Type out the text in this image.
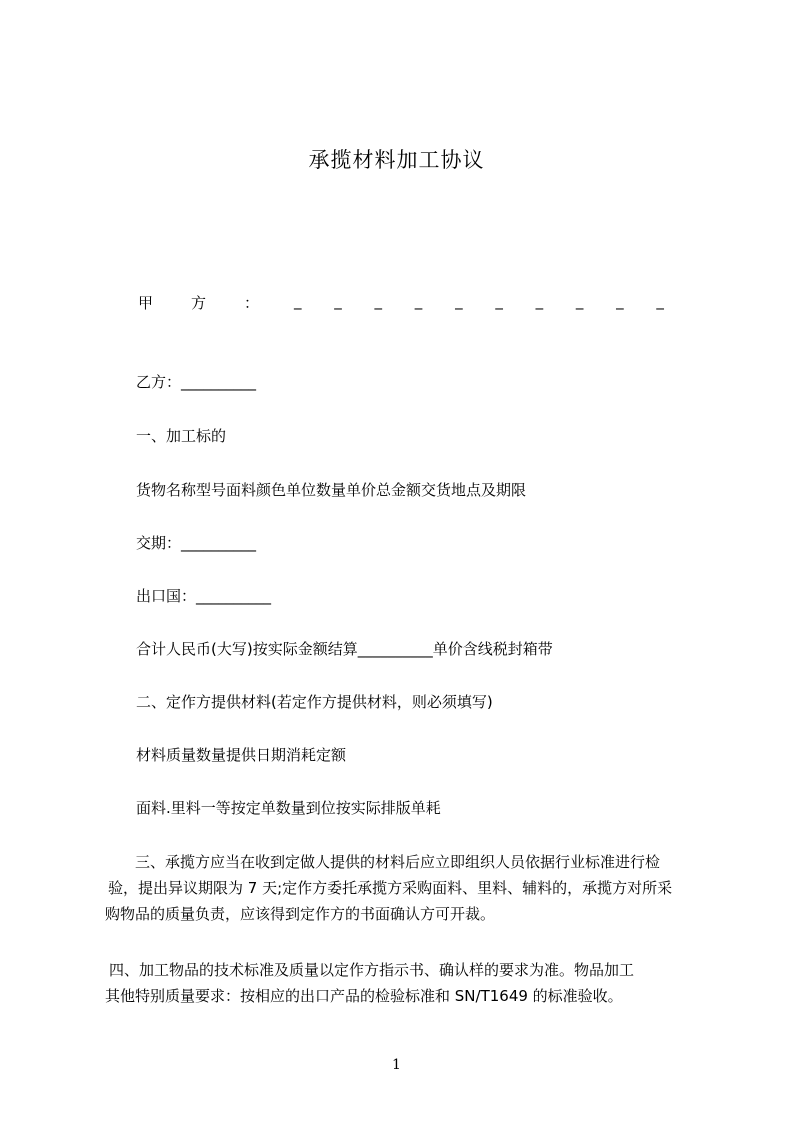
承揽材料加工协议
甲	方	： _ _ _ _ _ _ _ _ _ _
乙方：__________
一、加工标的
货物名称型号面料颜色单位数量单价总金额交货地点及期限
交期：__________
出口国：__________
合计人民币(大写)按实际金额结算__________单价含线税封箱带
二、定作方提供材料(若定作方提供材料，则必须填写)
材料质量数量提供日期消耗定额
面料.里料一等按定单数量到位按实际排版单耗
三、承揽方应当在收到定做人提供的材料后应立即组织人员依据行业标准进行检
验，提出异议期限为 7 天;定作方委托承揽方采购面料、里料、辅料的，承揽方对所采
购物品的质量负责，应该得到定作方的书面确认方可开裁。
四、加工物品的技术标准及质量以定作方指示书、确认样的要求为准。物品加工
其他特别质量要求：按相应的出口产品的检验标准和 SN/T1649 的标准验收。
1
